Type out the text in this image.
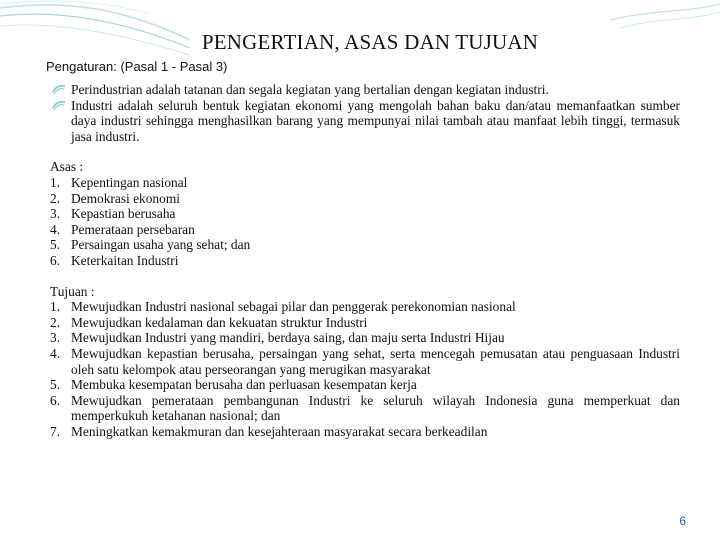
PENGERTIAN, ASAS DAN TUJUAN
Pengaturan: (Pasal 1 - Pasal 3)
Perindustrian adalah tatanan dan segala kegiatan yang bertalian dengan kegiatan industri.
Industri adalah seluruh bentuk kegiatan ekonomi yang mengolah bahan baku dan/atau memanfaatkan sumber daya industri sehingga menghasilkan barang yang mempunyai nilai tambah atau manfaat lebih tinggi, termasuk jasa industri.
Asas :
1. Kepentingan nasional
2. Demokrasi ekonomi
3. Kepastian berusaha
4. Pemerataan persebaran
5. Persaingan usaha yang sehat; dan
6. Keterkaitan Industri
Tujuan :
1. Mewujudkan Industri nasional sebagai pilar dan penggerak perekonomian nasional
2. Mewujudkan kedalaman dan kekuatan struktur Industri
3. Mewujudkan Industri yang mandiri, berdaya saing, dan maju serta Industri Hijau
4. Mewujudkan kepastian berusaha, persaingan yang sehat, serta mencegah pemusatan atau penguasaan Industri oleh satu kelompok atau perseorangan yang merugikan masyarakat
5. Membuka kesempatan berusaha dan perluasan kesempatan kerja
6. Mewujudkan pemerataan pembangunan Industri ke seluruh wilayah Indonesia guna memperkuat dan memperkukuh ketahanan nasional; dan
7. Meningkatkan kemakmuran dan kesejahteraan masyarakat secara berkeadilan
6
